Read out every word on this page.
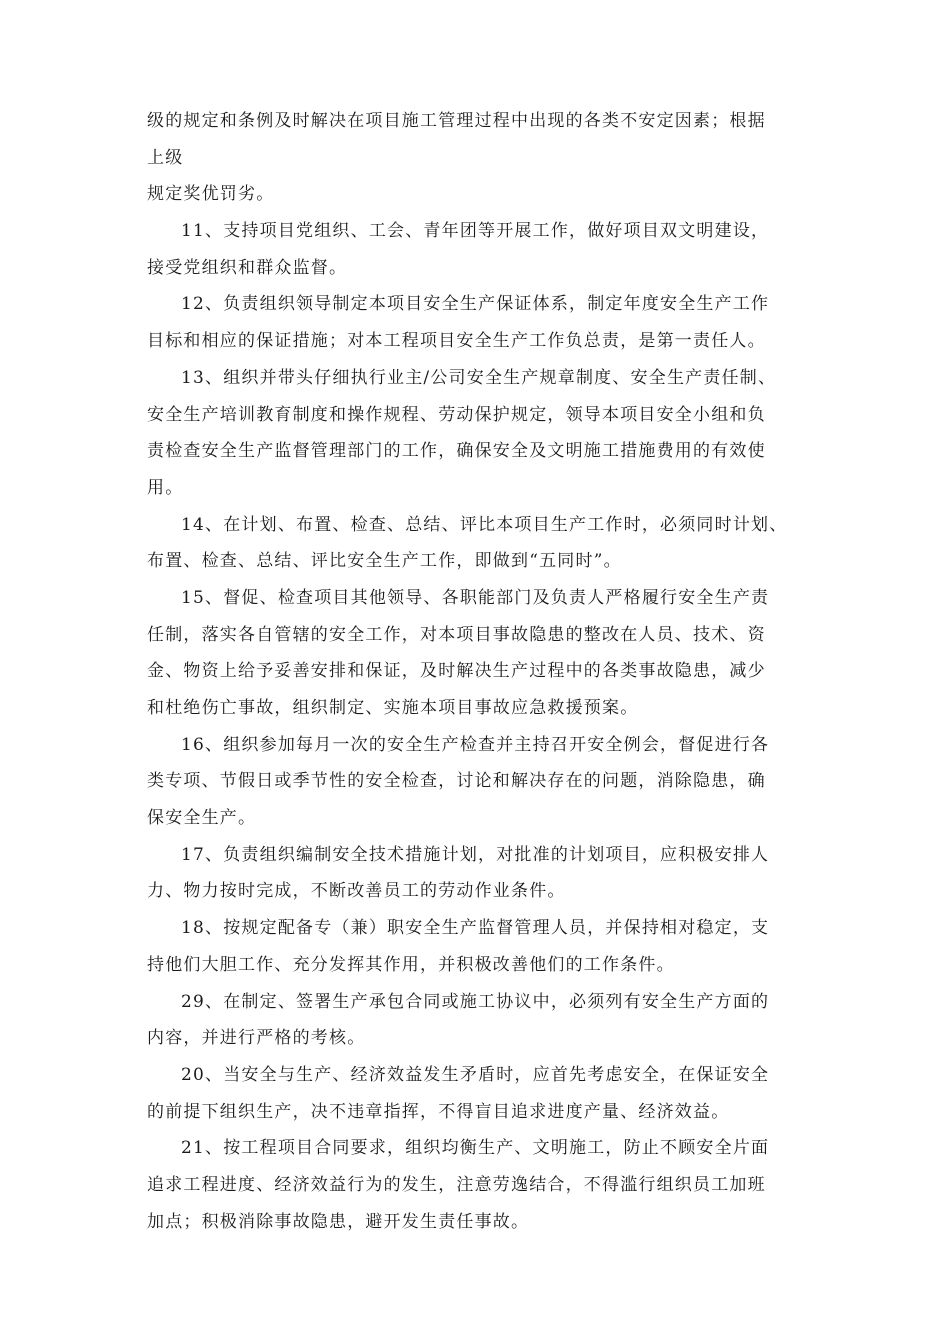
级的规定和条例及时解决在项目施工管理过程中出现的各类不安定因素；根据
上级
规定奖优罚劣。
11、支持项目党组织、工会、青年团等开展工作，做好项目双文明建设，
接受党组织和群众监督。
12、负责组织领导制定本项目安全生产保证体系，制定年度安全生产工作
目标和相应的保证措施；对本工程项目安全生产工作负总责，是第一责任人。
13、组织并带头仔细执行业主/公司安全生产规章制度、安全生产责任制、
安全生产培训教育制度和操作规程、劳动保护规定，领导本项目安全小组和负
责检查安全生产监督管理部门的工作，确保安全及文明施工措施费用的有效使
用。
14、在计划、布置、检查、总结、评比本项目生产工作时，必须同时计划、
布置、检查、总结、评比安全生产工作，即做到“五同时”。
15、督促、检查项目其他领导、各职能部门及负责人严格履行安全生产责
任制，落实各自管辖的安全工作，对本项目事故隐患的整改在人员、技术、资
金、物资上给予妥善安排和保证，及时解决生产过程中的各类事故隐患，减少
和杜绝伤亡事故，组织制定、实施本项目事故应急救援预案。
16、组织参加每月一次的安全生产检查并主持召开安全例会，督促进行各
类专项、节假日或季节性的安全检查，讨论和解决存在的问题，消除隐患，确
保安全生产。
17、负责组织编制安全技术措施计划，对批准的计划项目，应积极安排人
力、物力按时完成，不断改善员工的劳动作业条件。
18、按规定配备专（兼）职安全生产监督管理人员，并保持相对稳定，支
持他们大胆工作、充分发挥其作用，并积极改善他们的工作条件。
29、在制定、签署生产承包合同或施工协议中，必须列有安全生产方面的
内容，并进行严格的考核。
20、当安全与生产、经济效益发生矛盾时，应首先考虑安全，在保证安全
的前提下组织生产，决不违章指挥，不得盲目追求进度产量、经济效益。
21、按工程项目合同要求，组织均衡生产、文明施工，防止不顾安全片面
追求工程进度、经济效益行为的发生，注意劳逸结合，不得滥行组织员工加班
加点；积极消除事故隐患，避开发生责任事故。
